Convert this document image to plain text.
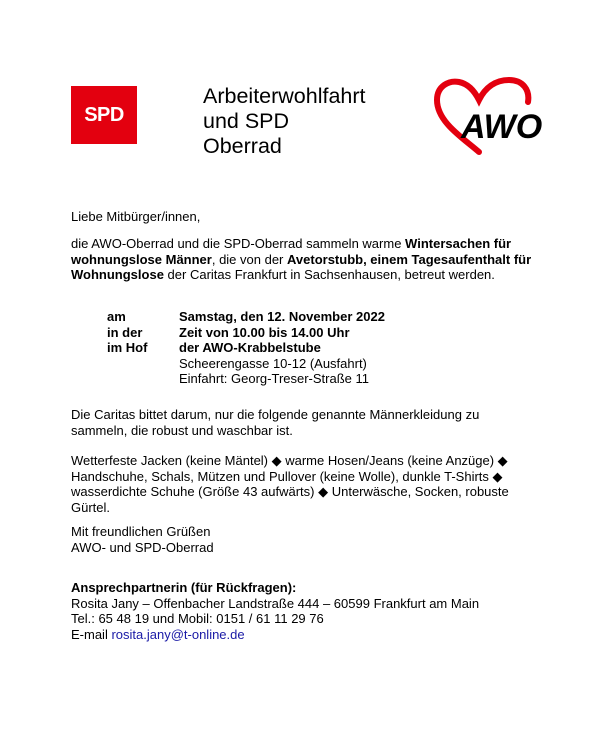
SPD
Arbeiterwohlfahrt
und SPD
Oberrad	AWO
Liebe Mitbürger/innen,
die AWO-Oberrad und die SPD-Oberrad sammeln warme Wintersachen für wohnungslose Männer, die von der Avetorstubb, einem Tagesaufenthalt für Wohnungslose der Caritas Frankfurt in Sachsenhausen, betreut werden.
am	Samstag, den 12. November 2022
in der	Zeit von 10.00 bis 14.00 Uhr
im Hof	der AWO-Krabbelstube
Scheerengasse 10-12 (Ausfahrt)
Einfahrt: Georg-Treser-Straße 11
Die Caritas bittet darum, nur die folgende genannte Männerkleidung zu sammeln, die robust und waschbar ist.
Wetterfeste Jacken (keine Mäntel) ◆ warme Hosen/Jeans (keine Anzüge) ◆ Handschuhe, Schals, Mützen und Pullover (keine Wolle), dunkle T-Shirts ◆ wasserdichte Schuhe (Größe 43 aufwärts) ◆ Unterwäsche, Socken, robuste Gürtel.
Mit freundlichen Grüßen
AWO- und SPD-Oberrad
Ansprechpartnerin (für Rückfragen):
Rosita Jany – Offenbacher Landstraße 444 – 60599 Frankfurt am Main
Tel.: 65 48 19 und Mobil: 0151 / 61 11 29 76
E-mail rosita.jany@t-online.de
